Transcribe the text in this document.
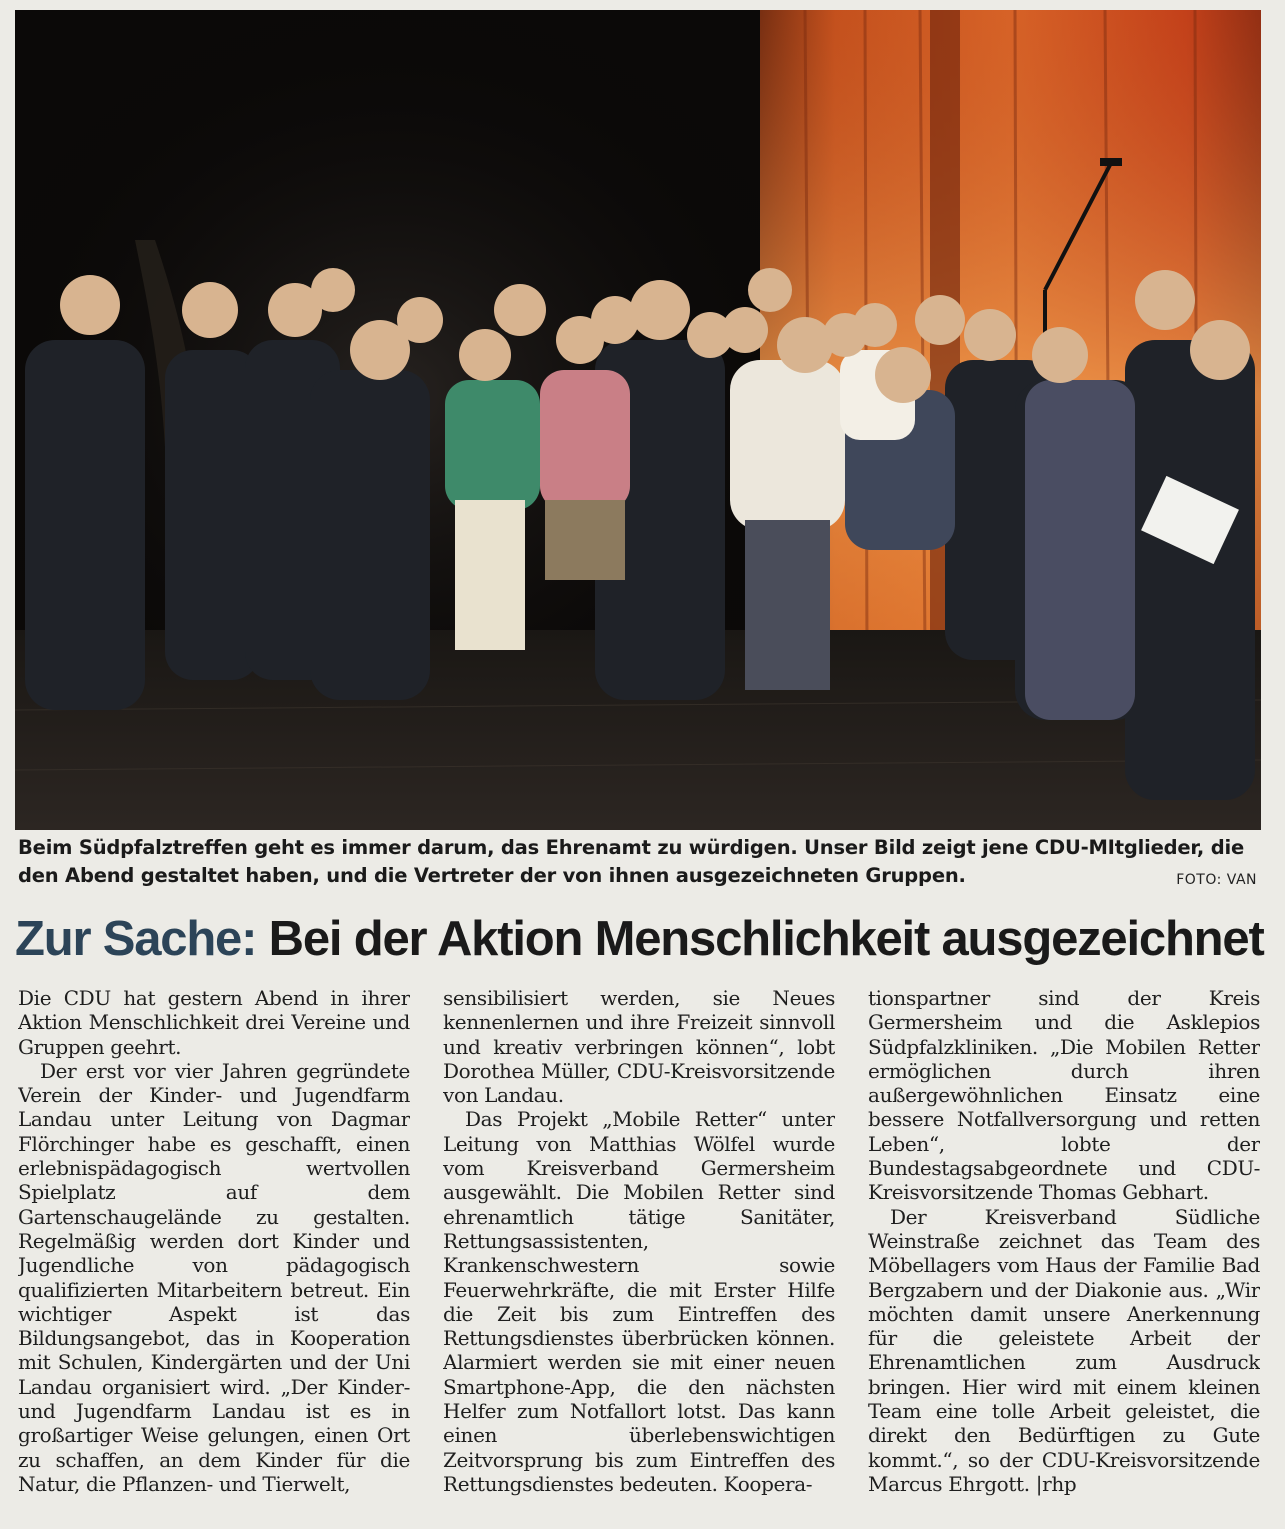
Beim Südpfalztreffen geht es immer darum, das Ehrenamt zu würdigen. Unser Bild zeigt jene CDU-MItglieder, die den Abend gestaltet haben, und die Vertreter der von ihnen ausgezeichneten Gruppen.	FOTO: VAN
Zur Sache: Bei der Aktion Menschlichkeit ausgezeichnet

Die CDU hat gestern Abend in ihrer Aktion Menschlichkeit drei Vereine und Gruppen geehrt.

Der erst vor vier Jahren gegründete Verein der Kinder- und Jugendfarm Landau unter Leitung von Dagmar Flörchinger habe es geschafft, einen erlebnispädagogisch wertvollen Spielplatz auf dem Gartenschaugelände zu gestalten. Regelmäßig werden dort Kinder und Jugendliche von pädagogisch qualifizierten Mitarbeitern betreut. Ein wichtiger Aspekt ist das Bildungsangebot, das in Kooperation mit Schulen, Kindergärten und der Uni Landau organisiert wird. „Der Kinder- und Jugendfarm Landau ist es in großartiger Weise gelungen, einen Ort zu schaffen, an dem Kinder für die Natur, die Pflanzen- und Tierwelt,

sensibilisiert werden, sie Neues kennenlernen und ihre Freizeit sinnvoll und kreativ verbringen können“, lobt Dorothea Müller, CDU-Kreisvorsitzende von Landau.

Das Projekt „Mobile Retter“ unter Leitung von Matthias Wölfel wurde vom Kreisverband Germersheim ausgewählt. Die Mobilen Retter sind ehrenamtlich tätige Sanitäter, Rettungsassistenten, Krankenschwestern sowie Feuerwehrkräfte, die mit Erster Hilfe die Zeit bis zum Eintreffen des Rettungsdienstes überbrücken können. Alarmiert werden sie mit einer neuen Smartphone-App, die den nächsten Helfer zum Notfallort lotst. Das kann einen überlebenswichtigen Zeitvorsprung bis zum Eintreffen des Rettungsdienstes bedeuten. Koopera-

tionspartner sind der Kreis Germersheim und die Asklepios Südpfalzkliniken. „Die Mobilen Retter ermöglichen durch ihren außergewöhnlichen Einsatz eine bessere Notfallversorgung und retten Leben“, lobte der Bundestagsabgeordnete und CDU-Kreisvorsitzende Thomas Gebhart.

Der Kreisverband Südliche Weinstraße zeichnet das Team des Möbellagers vom Haus der Familie Bad Bergzabern und der Diakonie aus. „Wir möchten damit unsere Anerkennung für die geleistete Arbeit der Ehrenamtlichen zum Ausdruck bringen. Hier wird mit einem kleinen Team eine tolle Arbeit geleistet, die direkt den Bedürftigen zu Gute kommt.“, so der CDU-Kreisvorsitzende Marcus Ehrgott. |rhp
